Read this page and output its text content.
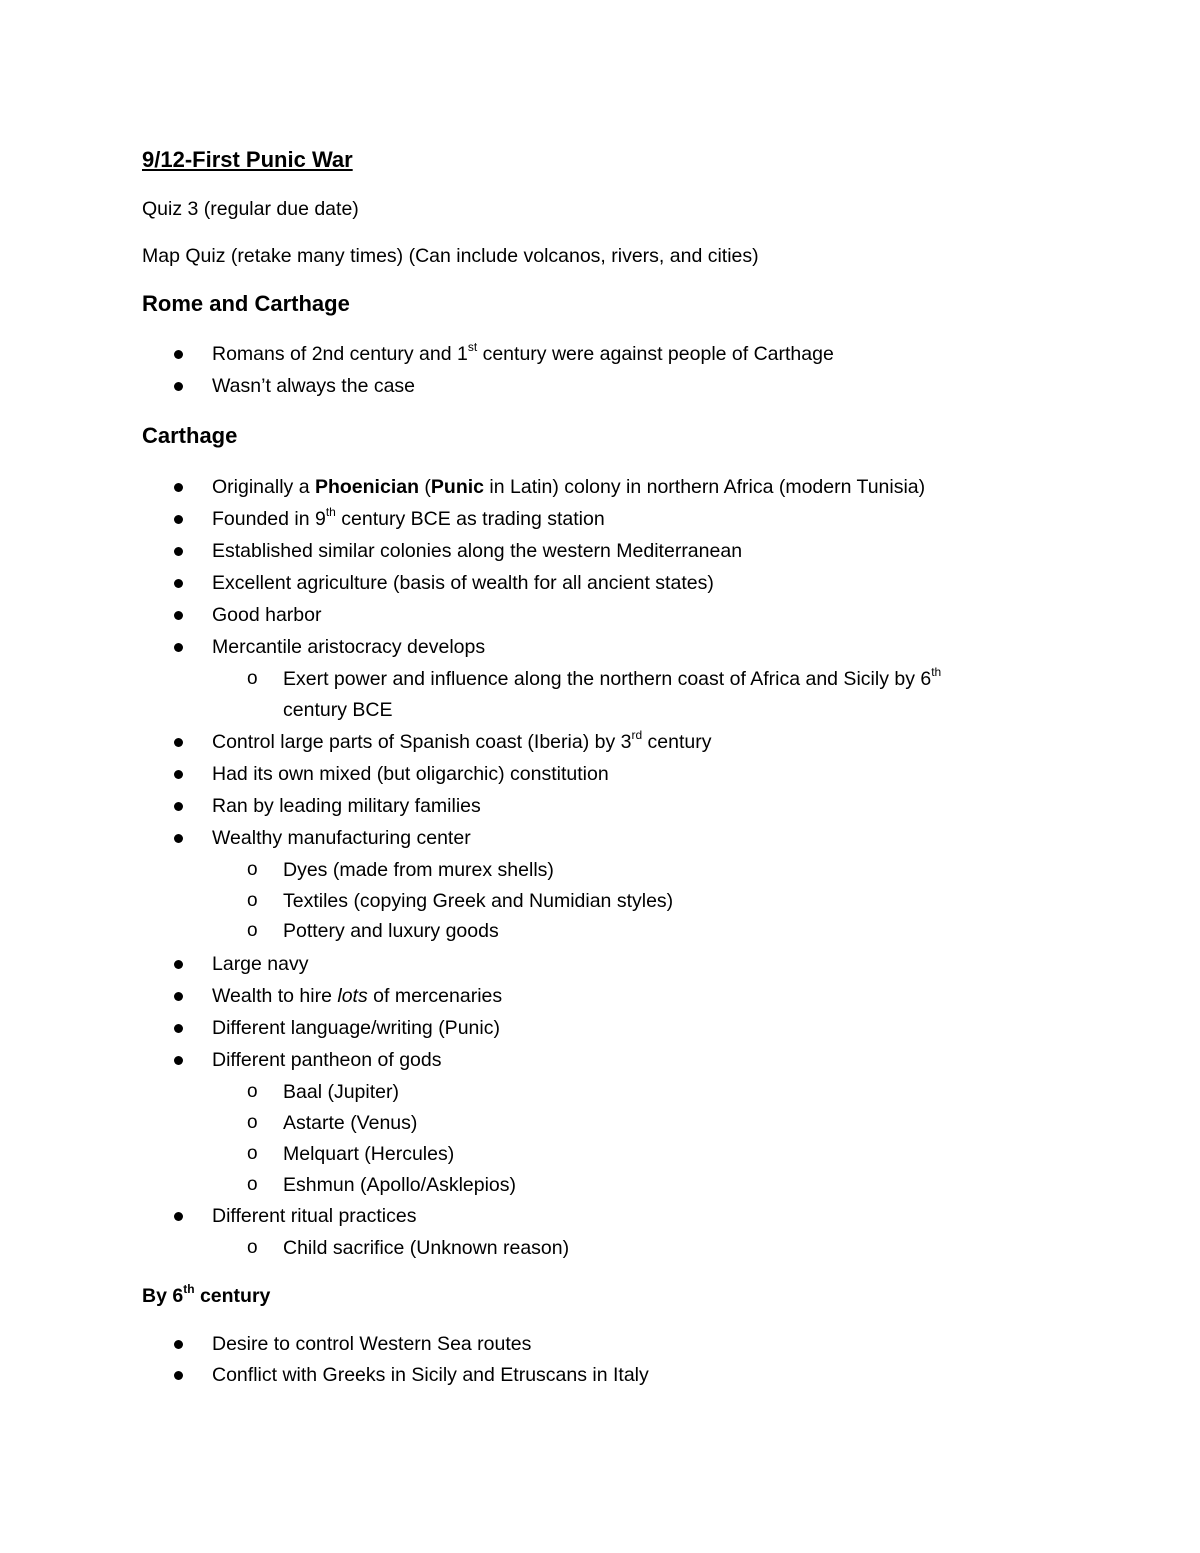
9/12-First Punic War
Quiz 3 (regular due date)
Map Quiz (retake many times) (Can include volcanos, rivers, and cities)
Rome and Carthage
Romans of 2nd century and 1st century were against people of Carthage
Wasn’t always the case
Carthage
Originally a Phoenician (Punic in Latin) colony in northern Africa (modern Tunisia)
Founded in 9th century BCE as trading station
Established similar colonies along the western Mediterranean
Excellent agriculture (basis of wealth for all ancient states)
Good harbor
Mercantile aristocracy develops
o Exert power and influence along the northern coast of Africa and Sicily by 6th
century BCE
Control large parts of Spanish coast (Iberia) by 3rd century
Had its own mixed (but oligarchic) constitution
Ran by leading military families
Wealthy manufacturing center
o Dyes (made from murex shells)
o Textiles (copying Greek and Numidian styles)
o Pottery and luxury goods
Large navy
Wealth to hire lots of mercenaries
Different language/writing (Punic)
Different pantheon of gods
o Baal (Jupiter)
o Astarte (Venus)
o Melquart (Hercules)
o Eshmun (Apollo/Asklepios)
Different ritual practices
o Child sacrifice (Unknown reason)
By 6th century
Desire to control Western Sea routes
Conflict with Greeks in Sicily and Etruscans in Italy
